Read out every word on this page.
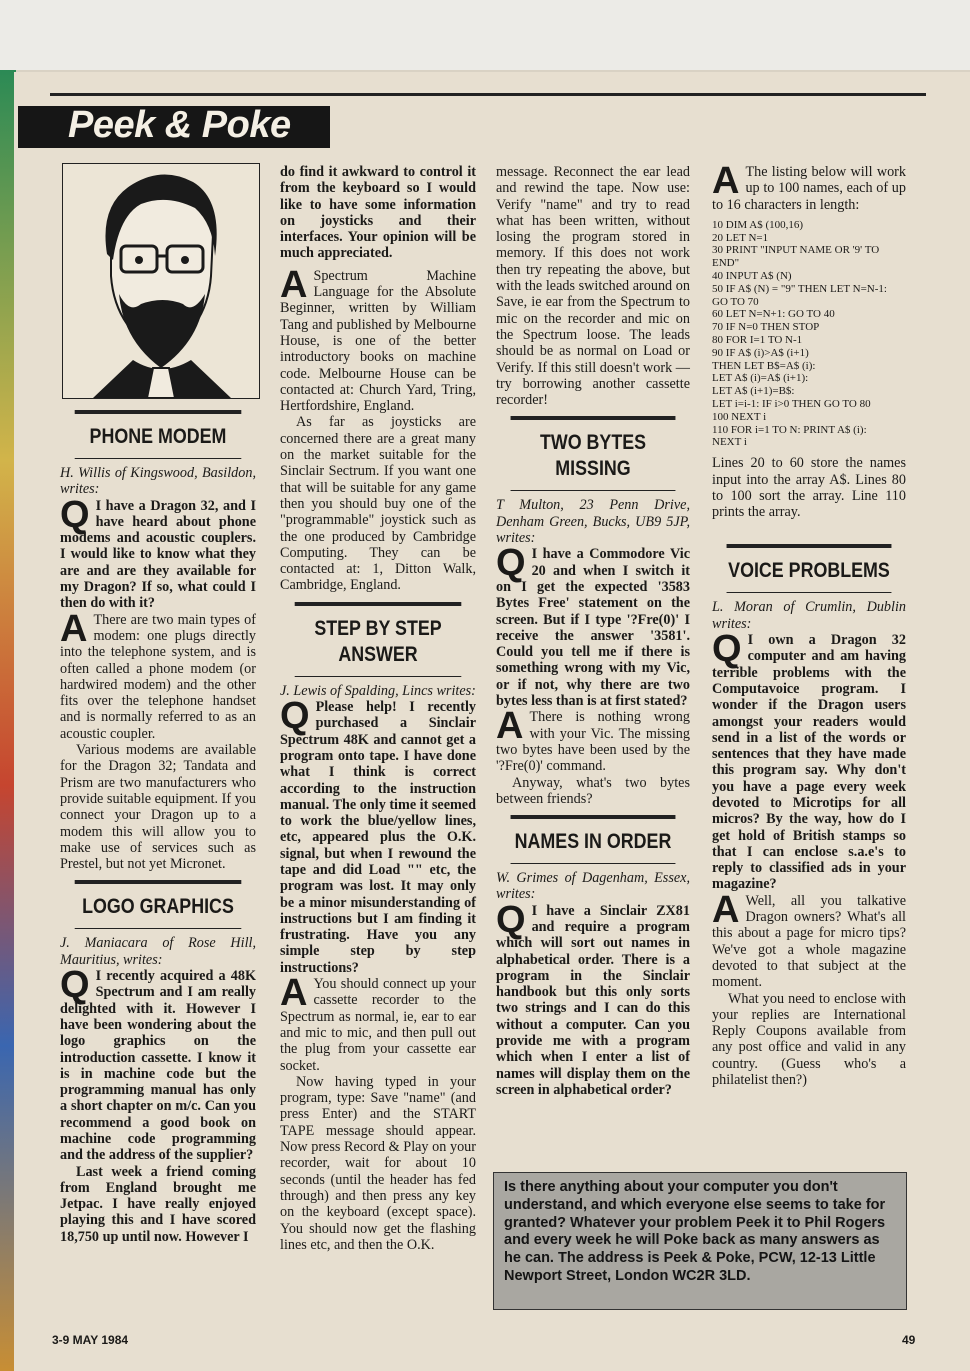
Peek & Poke
PHONE MODEM

H. Willis of Kingswood, Basildon, writes:

Q I have a Dragon 32, and I have heard about phone modems and acoustic couplers. I would like to know what they are and are they available for my Dragon? If so, what could I then do with it?

A There are two main types of modem: one plugs directly into the telephone system, and is often called a phone modem (or hardwired modem) and the other fits over the telephone handset and is normally referred to as an acoustic coupler.

Various modems are available for the Dragon 32; Tandata and Prism are two manufacturers who provide suitable equipment. If you connect your Dragon up to a modem this will allow you to make use of services such as Prestel, but not yet Micronet.

LOGO GRAPHICS

J. Maniacara of Rose Hill, Mauritius, writes:

Q I recently acquired a 48K Spectrum and I am really delighted with it. However I have been wondering about the logo graphics on the introduction cassette. I know it is in machine code but the programming manual has only a short chapter on m/c. Can you recommend a good book on machine code programming and the address of the supplier?

Last week a friend coming from England brought me Jetpac. I have really enjoyed playing this and I have scored 18,750 up until now. However I

do find it awkward to control it from the keyboard so I would like to have some information on joysticks and their interfaces. Your opinion will be much appreciated.

A Spectrum Machine Language for the Absolute Beginner, written by William Tang and published by Melbourne House, is one of the better introductory books on machine code. Melbourne House can be contacted at: Church Yard, Tring, Hertfordshire, England.

As far as joysticks are concerned there are a great many on the market suitable for the Sinclair Sectrum. If you want one that will be suitable for any game then you should buy one of the "programmable" joystick such as the one produced by Cambridge Computing. They can be contacted at: 1, Ditton Walk, Cambridge, England.

STEP BY STEP ANSWER

J. Lewis of Spalding, Lincs writes:

Q Please help! I recently purchased a Sinclair Spectrum 48K and cannot get a program onto tape. I have done what I think is correct according to the instruction manual. The only time it seemed to work the blue/yellow lines, etc, appeared plus the O.K. signal, but when I rewound the tape and did Load "" etc, the program was lost. It may only be a minor misunderstanding of instructions but I am finding it frustrating. Have you any simple step by step instructions?

A You should connect up your cassette recorder to the Spectrum as normal, ie, ear to ear and mic to mic, and then pull out the plug from your cassette ear socket.

Now having typed in your program, type: Save "name" (and press Enter) and the START TAPE message should appear. Now press Record & Play on your recorder, wait for about 10 seconds (until the header has fed through) and then press any key on the keyboard (except space). You should now get the flashing lines etc, and then the O.K.

message. Reconnect the ear lead and rewind the tape. Now use: Verify "name" and try to read what has been written, without losing the program stored in memory. If this does not work then try repeating the above, but with the leads switched around on Save, ie ear from the Spectrum to mic on the recorder and mic on the Spectrum loose. The leads should be as normal on Load or Verify. If this still doesn't work — try borrowing another cassette recorder!

TWO BYTES MISSING

T Multon, 23 Penn Drive, Denham Green, Bucks, UB9 5JP, writes:

Q I have a Commodore Vic 20 and when I switch it on I get the expected '3583 Bytes Free' statement on the screen. But if I type '?Fre(0)' I receive the answer '3581'. Could you tell me if there is something wrong with my Vic, or if not, why there are two bytes less than is at first stated?

A There is nothing wrong with your Vic. The missing two bytes have been used by the '?Fre(0)' command.

Anyway, what's two bytes between friends?

NAMES IN ORDER

W. Grimes of Dagenham, Essex, writes:

Q I have a Sinclair ZX81 and require a program which will sort out names in alphabetical order. There is a program in the Sinclair handbook but this only sorts two strings and I can do this without a computer. Can you provide me with a program which when I enter a list of names will display them on the screen in alphabetical order?

A The listing below will work up to 100 names, each of up to 16 characters in length:

10 DIM A$ (100,16)
20 LET N=1
30 PRINT "INPUT NAME OR '9' TO END"
40 INPUT A$ (N)
50 IF A$ (N) = "9" THEN LET N=N-1:
GO TO 70
60 LET N=N+1: GO TO 40
70 IF N=0 THEN STOP
80 FOR I=1 TO N-1
90 IF A$ (i)>A$ (i+1)
THEN LET B$=A$ (i):
LET A$ (i)=A$ (i+1):
LET A$ (i+1)=B$:
LET i=i-1: IF i>0 THEN GO TO 80
100 NEXT i
110 FOR i=1 TO N: PRINT A$ (i):
NEXT i

Lines 20 to 60 store the names input into the array A$. Lines 80 to 100 sort the array. Line 110 prints the array.

VOICE PROBLEMS

L. Moran of Crumlin, Dublin writes:

Q I own a Dragon 32 computer and am having terrible problems with the Computavoice program. I wonder if the Dragon users amongst your readers would send in a list of the words or sentences that they have made this program say. Why don't you have a page every week devoted to Microtips for all micros? By the way, how do I get hold of British stamps so that I can enclose s.a.e's to reply to classified ads in your magazine?

A Well, all you talkative Dragon owners? What's all this about a page for micro tips? We've got a whole magazine devoted to that subject at the moment.

What you need to enclose with your replies are International Reply Coupons available from any post office and valid in any country. (Guess who's a philatelist then?)

Is there anything about your computer you don't understand, and which everyone else seems to take for granted? Whatever your problem Peek it to Phil Rogers and every week he will Poke back as many answers as he can. The address is Peek & Poke, PCW, 12-13 Little Newport Street, London WC2R 3LD.
3-9 MAY 1984	49
